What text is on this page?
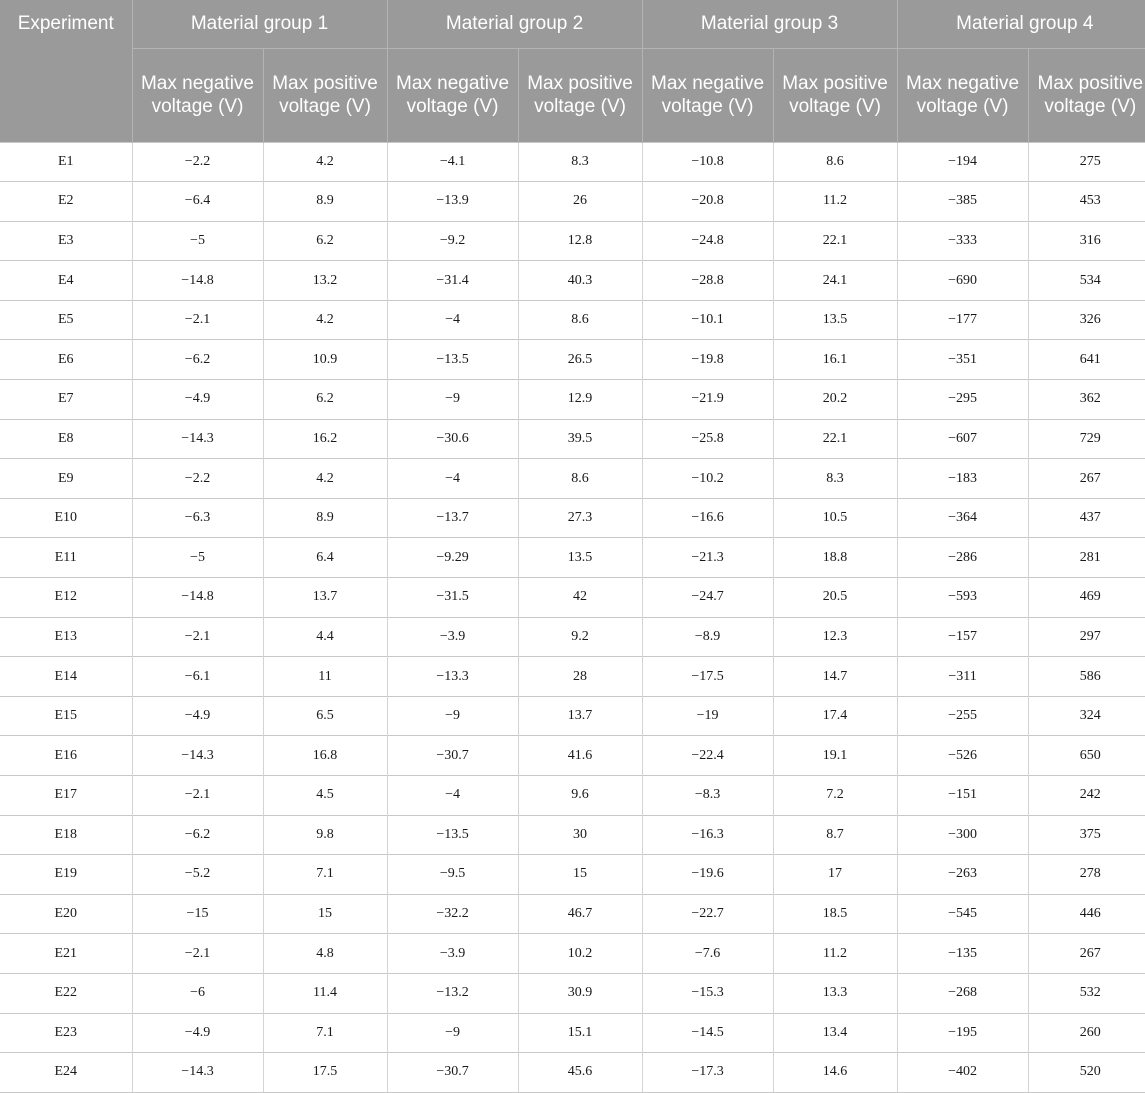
Experiment	Material group 1		Material group 2		Material group 3		Material group 4	
	Max negative voltage (V)	Max positive voltage (V)	Max negative voltage (V)	Max positive voltage (V)	Max negative voltage (V)	Max positive voltage (V)	Max negative voltage (V)	Max positive voltage (V)
E1	−2.2	4.2	−4.1	8.3	−10.8	8.6	−194	275
E2	−6.4	8.9	−13.9	26	−20.8	11.2	−385	453
E3	−5	6.2	−9.2	12.8	−24.8	22.1	−333	316
E4	−14.8	13.2	−31.4	40.3	−28.8	24.1	−690	534
E5	−2.1	4.2	−4	8.6	−10.1	13.5	−177	326
E6	−6.2	10.9	−13.5	26.5	−19.8	16.1	−351	641
E7	−4.9	6.2	−9	12.9	−21.9	20.2	−295	362
E8	−14.3	16.2	−30.6	39.5	−25.8	22.1	−607	729
E9	−2.2	4.2	−4	8.6	−10.2	8.3	−183	267
E10	−6.3	8.9	−13.7	27.3	−16.6	10.5	−364	437
E11	−5	6.4	−9.29	13.5	−21.3	18.8	−286	281
E12	−14.8	13.7	−31.5	42	−24.7	20.5	−593	469
E13	−2.1	4.4	−3.9	9.2	−8.9	12.3	−157	297
E14	−6.1	11	−13.3	28	−17.5	14.7	−311	586
E15	−4.9	6.5	−9	13.7	−19	17.4	−255	324
E16	−14.3	16.8	−30.7	41.6	−22.4	19.1	−526	650
E17	−2.1	4.5	−4	9.6	−8.3	7.2	−151	242
E18	−6.2	9.8	−13.5	30	−16.3	8.7	−300	375
E19	−5.2	7.1	−9.5	15	−19.6	17	−263	278
E20	−15	15	−32.2	46.7	−22.7	18.5	−545	446
E21	−2.1	4.8	−3.9	10.2	−7.6	11.2	−135	267
E22	−6	11.4	−13.2	30.9	−15.3	13.3	−268	532
E23	−4.9	7.1	−9	15.1	−14.5	13.4	−195	260
E24	−14.3	17.5	−30.7	45.6	−17.3	14.6	−402	520
